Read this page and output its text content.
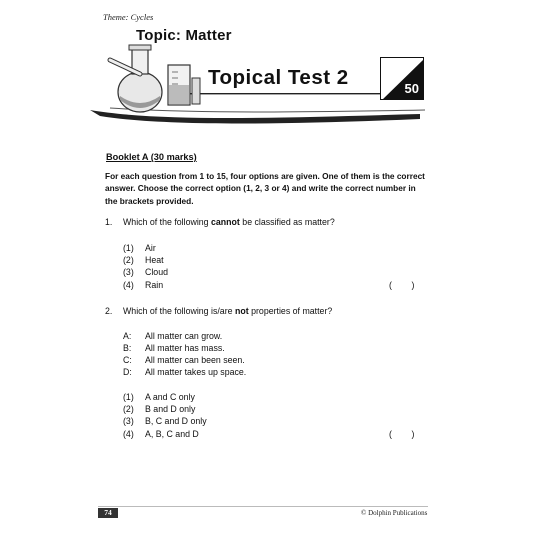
Theme: Cycles
Topic: Matter
Topical Test 2	50
Booklet A (30 marks)
For each question from 1 to 15, four options are given. One of them is the correct
answer. Choose the correct option (1, 2, 3 or 4) and write the correct number in
the brackets provided.
1. Which of the following cannot be classified as matter?
(1) Air
(2) Heat
(3) Cloud
(4) Rain	(        )
2. Which of the following is/are not properties of matter?
A: All matter can grow.
B: All matter has mass.
C: All matter can been seen.
D: All matter takes up space.
(1) A and C only
(2) B and D only
(3) B, C and D only
(4) A, B, C and D	(        )
74	© Dolphin Publications
